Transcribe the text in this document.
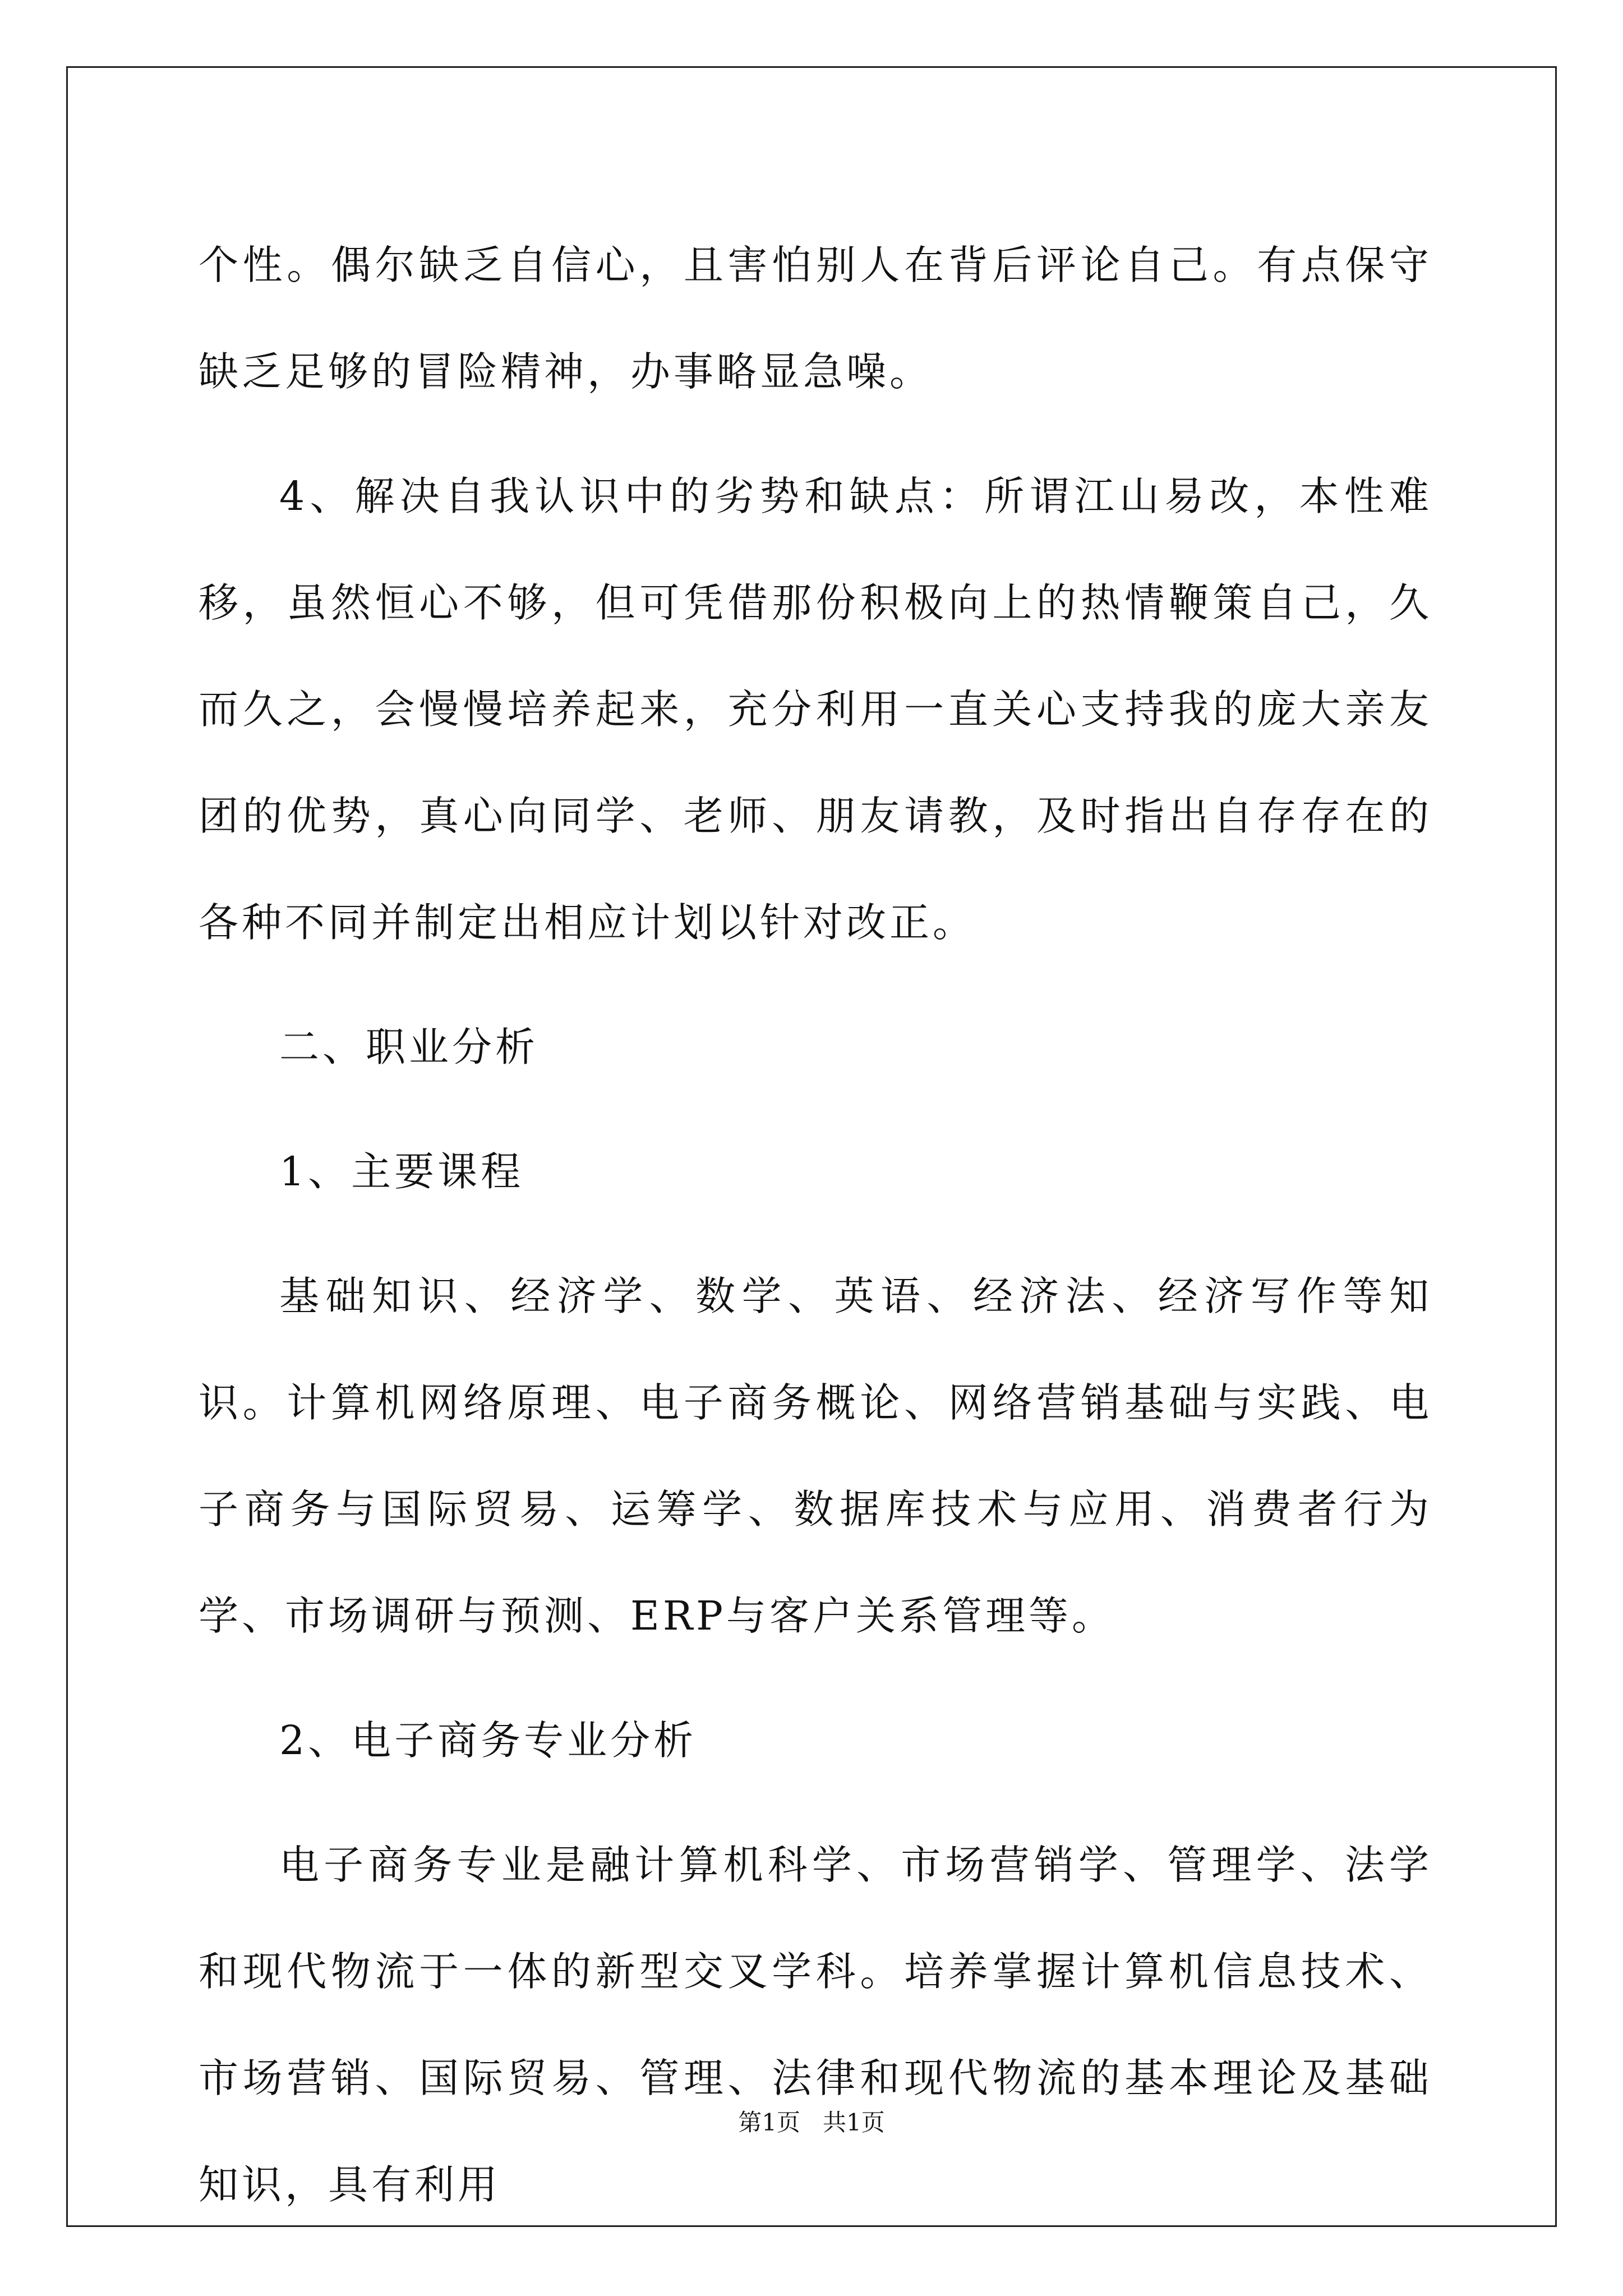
个性。偶尔缺乏自信心，且害怕别人在背后评论自己。有点保守缺乏足够的冒险精神，办事略显急噪。

4、解决自我认识中的劣势和缺点：所谓江山易改，本性难移，虽然恒心不够，但可凭借那份积极向上的热情鞭策自己，久而久之，会慢慢培养起来，充分利用一直关心支持我的庞大亲友团的优势，真心向同学、老师、朋友请教，及时指出自存存在的各种不同并制定出相应计划以针对改正。

二、职业分析

1、主要课程

基础知识、经济学、数学、英语、经济法、经济写作等知识。计算机网络原理、电子商务概论、网络营销基础与实践、电子商务与国际贸易、运筹学、数据库技术与应用、消费者行为学、市场调研与预测、ERP与客户关系管理等。

2、电子商务专业分析

电子商务专业是融计算机科学、市场营销学、管理学、法学和现代物流于一体的新型交叉学科。培养掌握计算机信息技术、市场营销、国际贸易、管理、法律和现代物流的基本理论及基础知识，具有利用

第1页 共1页
